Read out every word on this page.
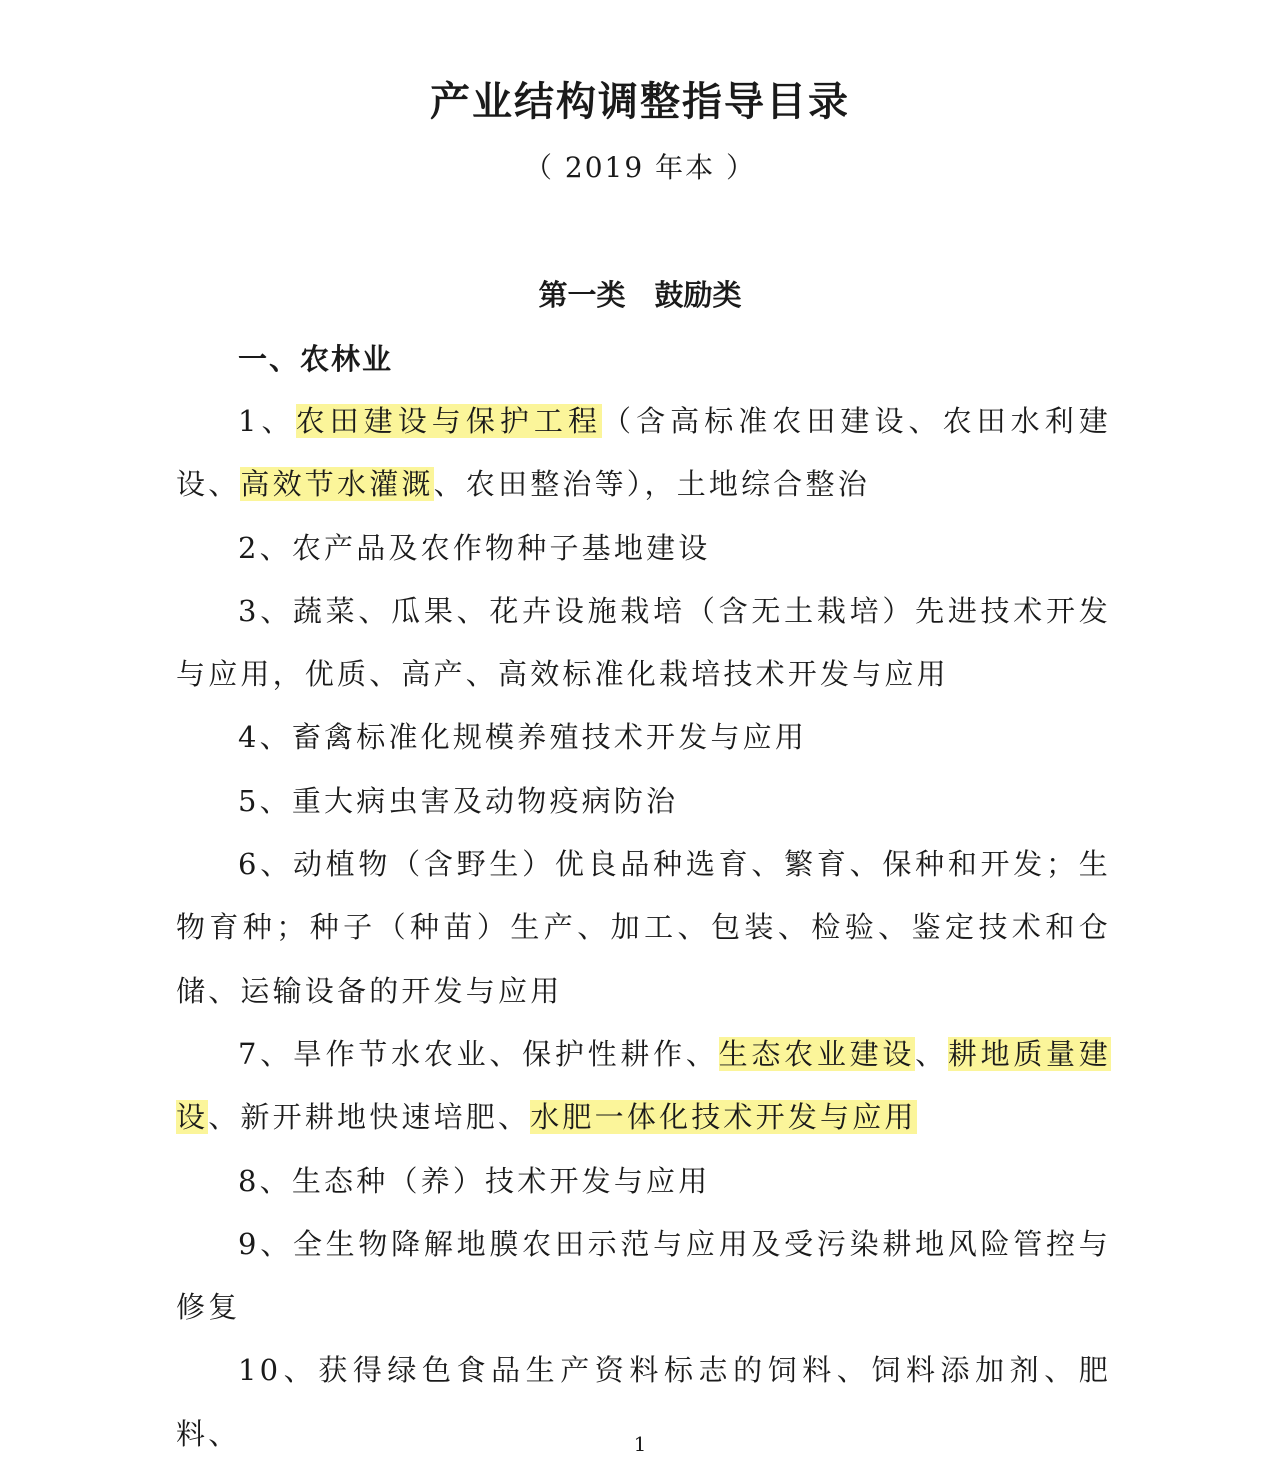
产业结构调整指导目录
（ 2019 年本 ）
第一类　鼓励类
一、农林业

1、农田建设与保护工程（含高标准农田建设、农田水利建设、高效节水灌溉、农田整治等），土地综合整治

2、农产品及农作物种子基地建设

3、蔬菜、瓜果、花卉设施栽培（含无土栽培）先进技术开发与应用，优质、高产、高效标准化栽培技术开发与应用

4、畜禽标准化规模养殖技术开发与应用

5、重大病虫害及动物疫病防治

6、动植物（含野生）优良品种选育、繁育、保种和开发；生物育种；种子（种苗）生产、加工、包装、检验、鉴定技术和仓储、运输设备的开发与应用

7、旱作节水农业、保护性耕作、生态农业建设、耕地质量建设、新开耕地快速培肥、水肥一体化技术开发与应用

8、生态种（养）技术开发与应用

9、全生物降解地膜农田示范与应用及受污染耕地风险管控与修复

10、获得绿色食品生产资料标志的饲料、饲料添加剂、肥料、	1
